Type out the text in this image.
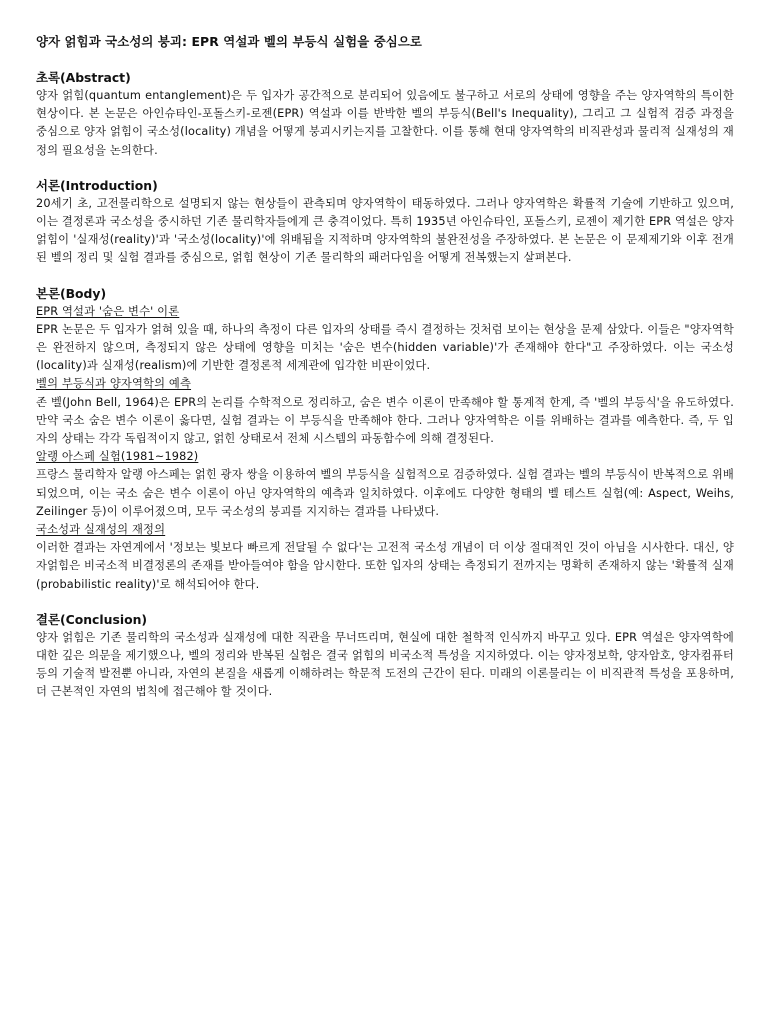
양자 얽힘과 국소성의 붕괴: EPR 역설과 벨의 부등식 실험을 중심으로
초록(Abstract)

양자 얽힘(quantum entanglement)은 두 입자가 공간적으로 분리되어 있음에도 불구하고 서로의 상태에 영향을 주는 양자역학의 특이한 현상이다. 본 논문은 아인슈타인-포돌스키-로젠(EPR) 역설과 이를 반박한 벨의 부등식(Bell's Inequality), 그리고 그 실험적 검증 과정을 중심으로 양자 얽힘이 국소성(locality) 개념을 어떻게 붕괴시키는지를 고찰한다. 이를 통해 현대 양자역학의 비직관성과 물리적 실재성의 재정의 필요성을 논의한다.

서론(Introduction)

20세기 초, 고전물리학으로 설명되지 않는 현상들이 관측되며 양자역학이 태동하였다. 그러나 양자역학은 확률적 기술에 기반하고 있으며, 이는 결정론과 국소성을 중시하던 기존 물리학자들에게 큰 충격이었다. 특히 1935년 아인슈타인, 포돌스키, 로젠이 제기한 EPR 역설은 양자 얽힘이 '실재성(reality)'과 '국소성(locality)'에 위배됨을 지적하며 양자역학의 불완전성을 주장하였다. 본 논문은 이 문제제기와 이후 전개된 벨의 정리 및 실험 결과를 중심으로, 얽힘 현상이 기존 물리학의 패러다임을 어떻게 전복했는지 살펴본다.

본론(Body)
EPR 역설과 '숨은 변수' 이론

EPR 논문은 두 입자가 얽혀 있을 때, 하나의 측정이 다른 입자의 상태를 즉시 결정하는 것처럼 보이는 현상을 문제 삼았다. 이들은 "양자역학은 완전하지 않으며, 측정되지 않은 상태에 영향을 미치는 '숨은 변수(hidden variable)'가 존재해야 한다"고 주장하였다. 이는 국소성(locality)과 실재성(realism)에 기반한 결정론적 세계관에 입각한 비판이었다.

벨의 부등식과 양자역학의 예측

존 벨(John Bell, 1964)은 EPR의 논리를 수학적으로 정리하고, 숨은 변수 이론이 만족해야 할 통계적 한계, 즉 '벨의 부등식'을 유도하였다. 만약 국소 숨은 변수 이론이 옳다면, 실험 결과는 이 부등식을 만족해야 한다. 그러나 양자역학은 이를 위배하는 결과를 예측한다. 즉, 두 입자의 상태는 각각 독립적이지 않고, 얽힌 상태로서 전체 시스템의 파동함수에 의해 결정된다.

알랭 아스페 실험(1981~1982)

프랑스 물리학자 알랭 아스페는 얽힌 광자 쌍을 이용하여 벨의 부등식을 실험적으로 검증하였다. 실험 결과는 벨의 부등식이 반복적으로 위배되었으며, 이는 국소 숨은 변수 이론이 아닌 양자역학의 예측과 일치하였다. 이후에도 다양한 형태의 벨 테스트 실험(예: Aspect, Weihs, Zeilinger 등)이 이루어졌으며, 모두 국소성의 붕괴를 지지하는 결과를 나타냈다.

국소성과 실재성의 재정의

이러한 결과는 자연계에서 '정보는 빛보다 빠르게 전달될 수 없다'는 고전적 국소성 개념이 더 이상 절대적인 것이 아님을 시사한다. 대신, 양자얽힘은 비국소적 비결정론의 존재를 받아들여야 함을 암시한다. 또한 입자의 상태는 측정되기 전까지는 명확히 존재하지 않는 '확률적 실재(probabilistic reality)'로 해석되어야 한다.

결론(Conclusion)

양자 얽힘은 기존 물리학의 국소성과 실재성에 대한 직관을 무너뜨리며, 현실에 대한 철학적 인식까지 바꾸고 있다. EPR 역설은 양자역학에 대한 깊은 의문을 제기했으나, 벨의 정리와 반복된 실험은 결국 얽힘의 비국소적 특성을 지지하였다. 이는 양자정보학, 양자암호, 양자컴퓨터 등의 기술적 발전뿐 아니라, 자연의 본질을 새롭게 이해하려는 학문적 도전의 근간이 된다. 미래의 이론물리는 이 비직관적 특성을 포용하며, 더 근본적인 자연의 법칙에 접근해야 할 것이다.
